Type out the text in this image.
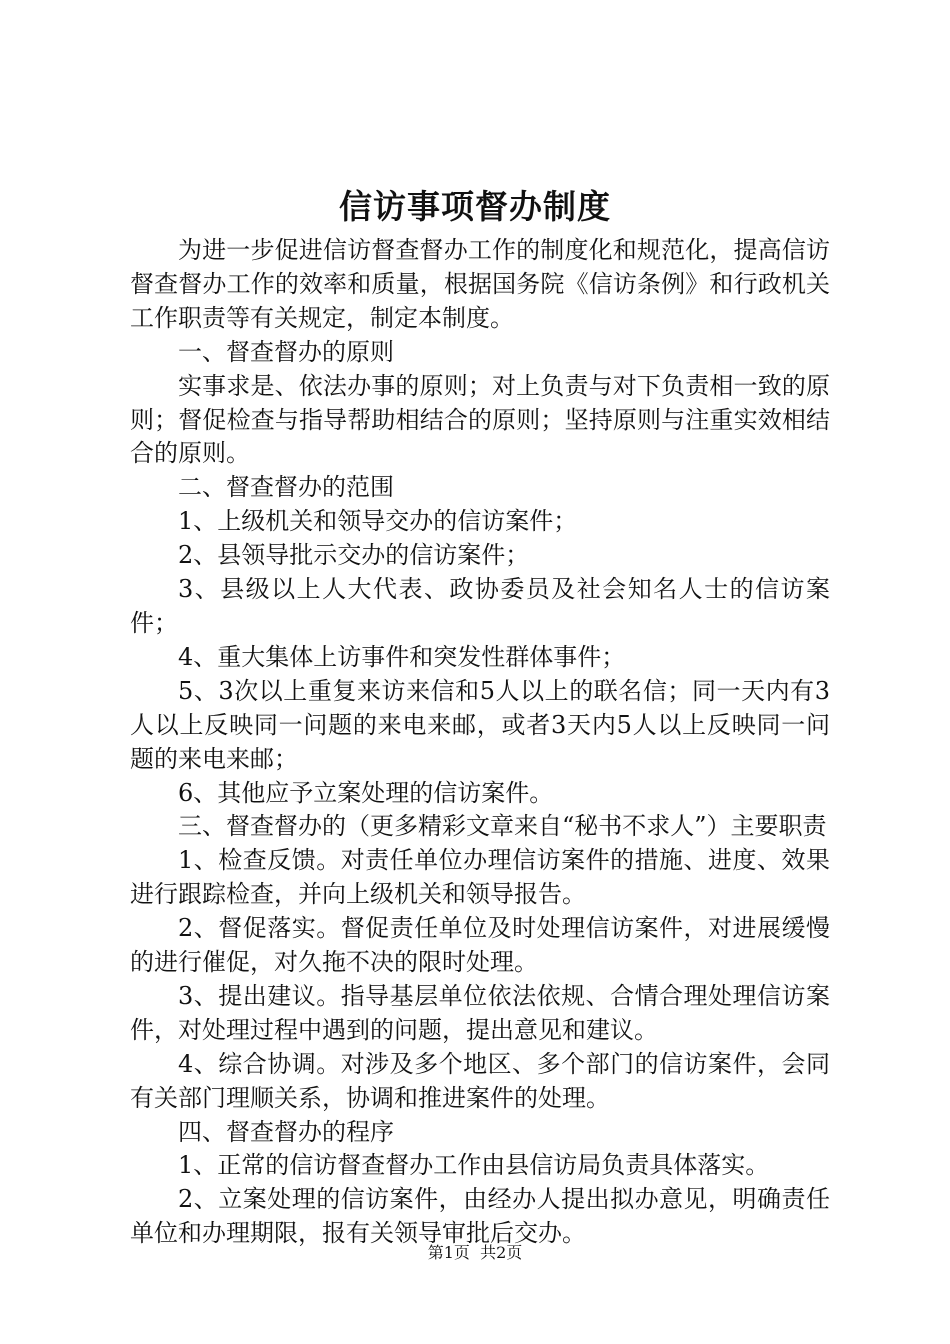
信访事项督办制度

为进一步促进信访督查督办工作的制度化和规范化，提高信访督查督办工作的效率和质量，根据国务院《信访条例》和行政机关工作职责等有关规定，制定本制度。

一、督查督办的原则

实事求是、依法办事的原则；对上负责与对下负责相一致的原则；督促检查与指导帮助相结合的原则；坚持原则与注重实效相结合的原则。

二、督查督办的范围

1、上级机关和领导交办的信访案件；

2、县领导批示交办的信访案件；

3、县级以上人大代表、政协委员及社会知名人士的信访案件；

4、重大集体上访事件和突发性群体事件；

5、3次以上重复来访来信和5人以上的联名信；同一天内有3人以上反映同一问题的来电来邮，或者3天内5人以上反映同一问题的来电来邮；

6、其他应予立案处理的信访案件。

三、督查督办的（更多精彩文章来自“秘书不求人”）主要职责

1、检查反馈。对责任单位办理信访案件的措施、进度、效果进行跟踪检查，并向上级机关和领导报告。

2、督促落实。督促责任单位及时处理信访案件，对进展缓慢的进行催促，对久拖不决的限时处理。

3、提出建议。指导基层单位依法依规、合情合理处理信访案件，对处理过程中遇到的问题，提出意见和建议。

4、综合协调。对涉及多个地区、多个部门的信访案件，会同有关部门理顺关系，协调和推进案件的处理。

四、督查督办的程序

1、正常的信访督查督办工作由县信访局负责具体落实。

2、立案处理的信访案件，由经办人提出拟办意见，明确责任单位和办理期限，报有关领导审批后交办。

第1页 共2页
